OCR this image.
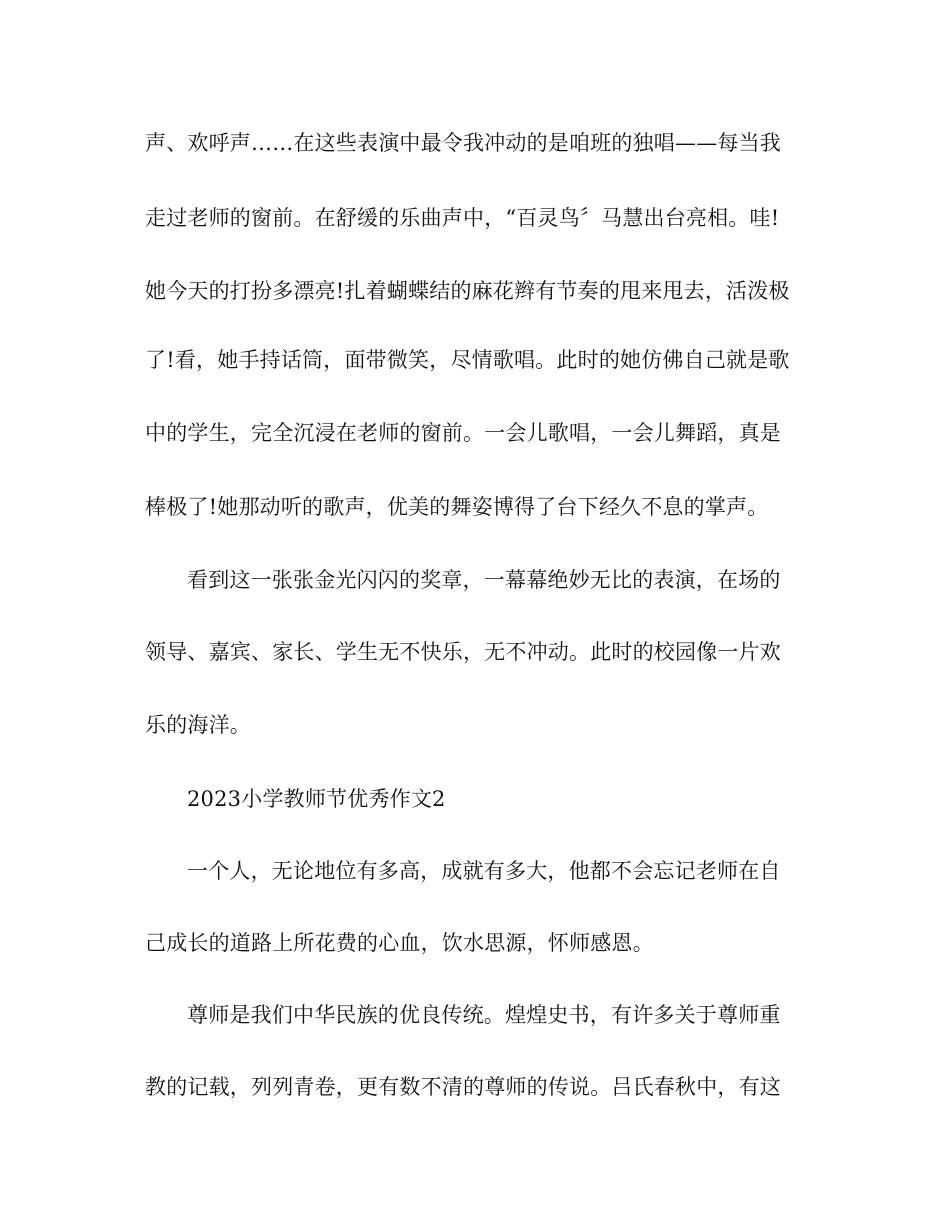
声、欢呼声……在这些表演中最令我冲动的是咱班的独唱——每当我
走过老师的窗前。在舒缓的乐曲声中，“百灵鸟〞马慧出台亮相。哇!
她今天的打扮多漂亮!扎着蝴蝶结的麻花辫有节奏的甩来甩去，活泼极
了!看，她手持话筒，面带微笑，尽情歌唱。此时的她仿佛自己就是歌
中的学生，完全沉浸在老师的窗前。一会儿歌唱，一会儿舞蹈，真是
棒极了!她那动听的歌声，优美的舞姿博得了台下经久不息的掌声。
看到这一张张金光闪闪的奖章，一幕幕绝妙无比的表演，在场的
领导、嘉宾、家长、学生无不快乐，无不冲动。此时的校园像一片欢
乐的海洋。
2023小学教师节优秀作文2
一个人，无论地位有多高，成就有多大，他都不会忘记老师在自
己成长的道路上所花费的心血，饮水思源，怀师感恩。
尊师是我们中华民族的优良传统。煌煌史书，有许多关于尊师重
教的记载，列列青卷，更有数不清的尊师的传说。吕氏春秋中，有这
